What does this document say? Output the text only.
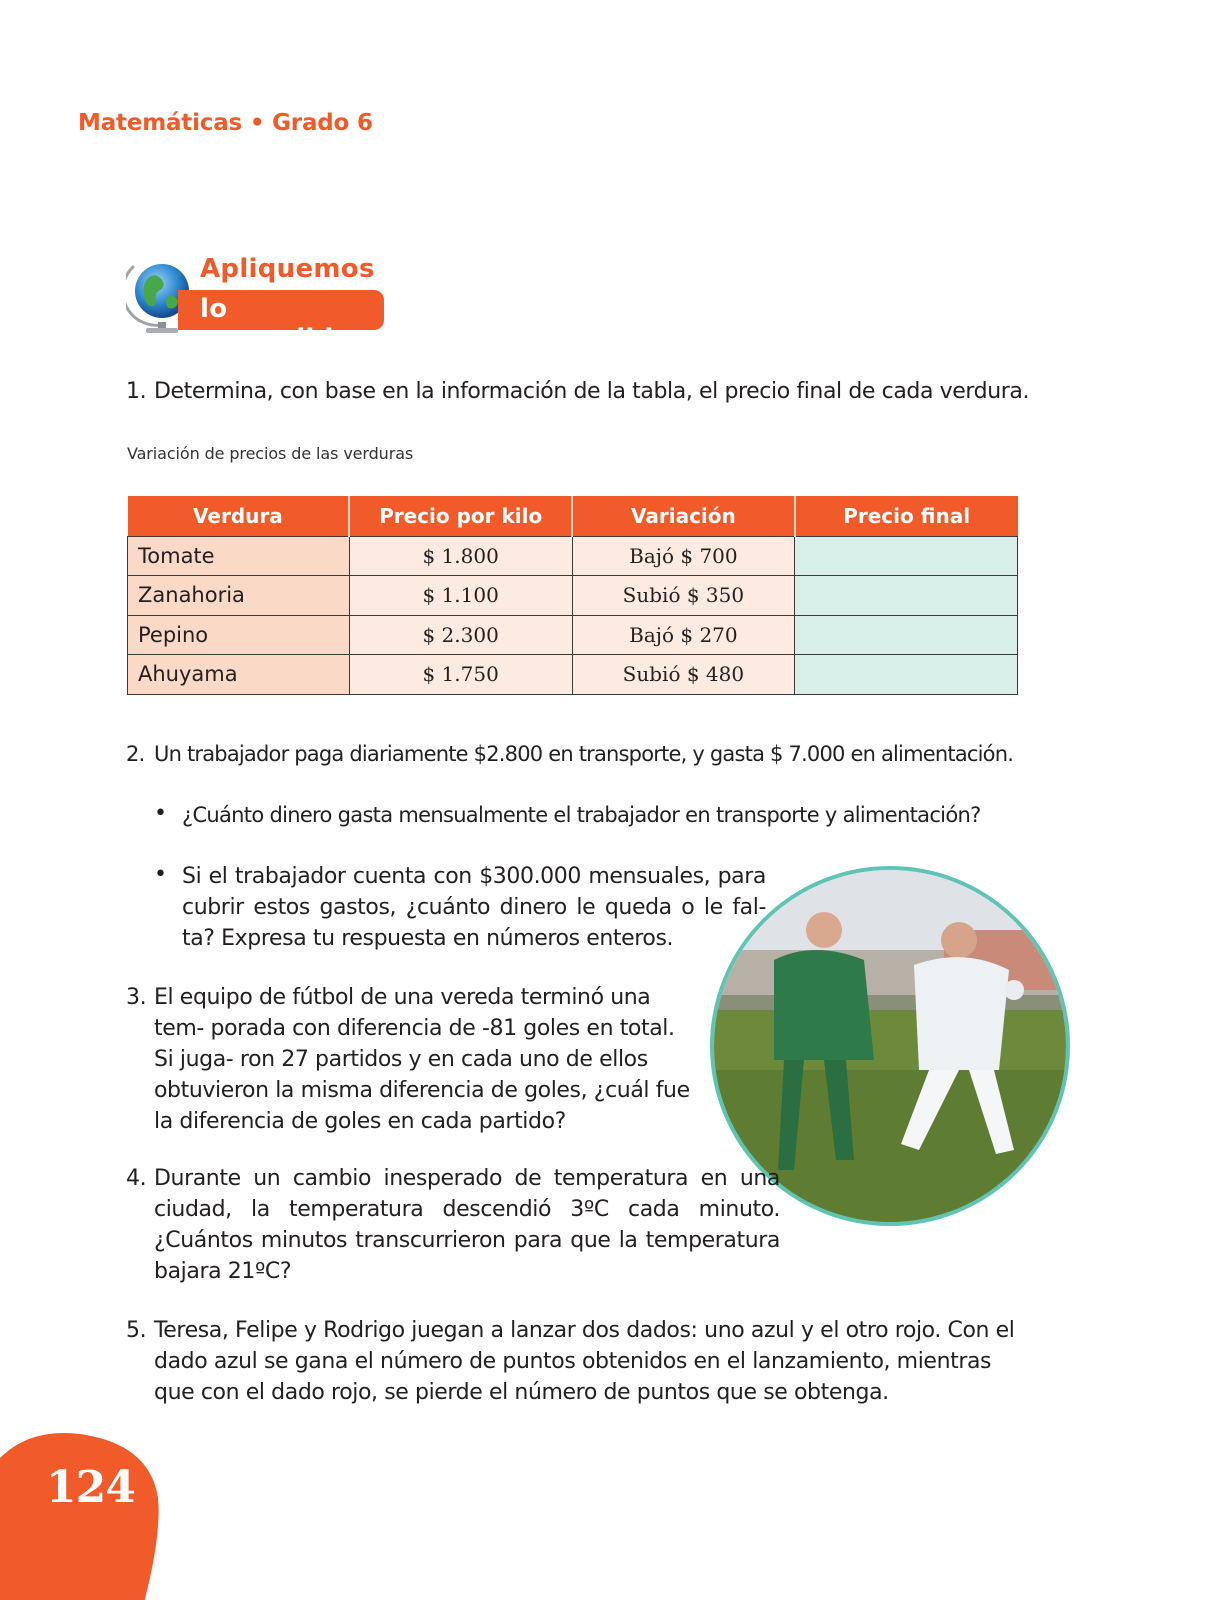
Matemáticas • Grado 6
Apliquemos
lo aprendido
1. Determina, con base en la información de la tabla, el precio final de cada verdura.
Variación de precios de las verduras
Verdura	Precio por kilo	Variación	Precio final
Tomate	$ 1.800	Bajó $ 700	
Zanahoria	$ 1.100	Subió $ 350	
Pepino	$ 2.300	Bajó $ 270	
Ahuyama	$ 1.750	Subió $ 480	
2. Un trabajador paga diariamente $2.800 en transporte, y gasta $ 7.000 en alimentación.
• ¿Cuánto dinero gasta mensualmente el trabajador en transporte y alimentación?
• Si el trabajador cuenta con $300.000 mensuales, para cubrir estos gastos, ¿cuánto dinero le queda o le fal- ta? Expresa tu respuesta en números enteros.
3. El equipo de fútbol de una vereda terminó una tem- porada con diferencia de -81 goles en total. Si juga- ron 27 partidos y en cada uno de ellos obtuvieron la misma diferencia de goles, ¿cuál fue la diferencia de goles en cada partido?
4. Durante un cambio inesperado de temperatura en una ciudad, la temperatura descendió 3ºC cada minuto. ¿Cuántos minutos transcurrieron para que la temperatura bajara 21ºC?
5. Teresa, Felipe y Rodrigo juegan a lanzar dos dados: uno azul y el otro rojo. Con el dado azul se gana el número de puntos obtenidos en el lanzamiento, mientras que con el dado rojo, se pierde el número de puntos que se obtenga.
124
